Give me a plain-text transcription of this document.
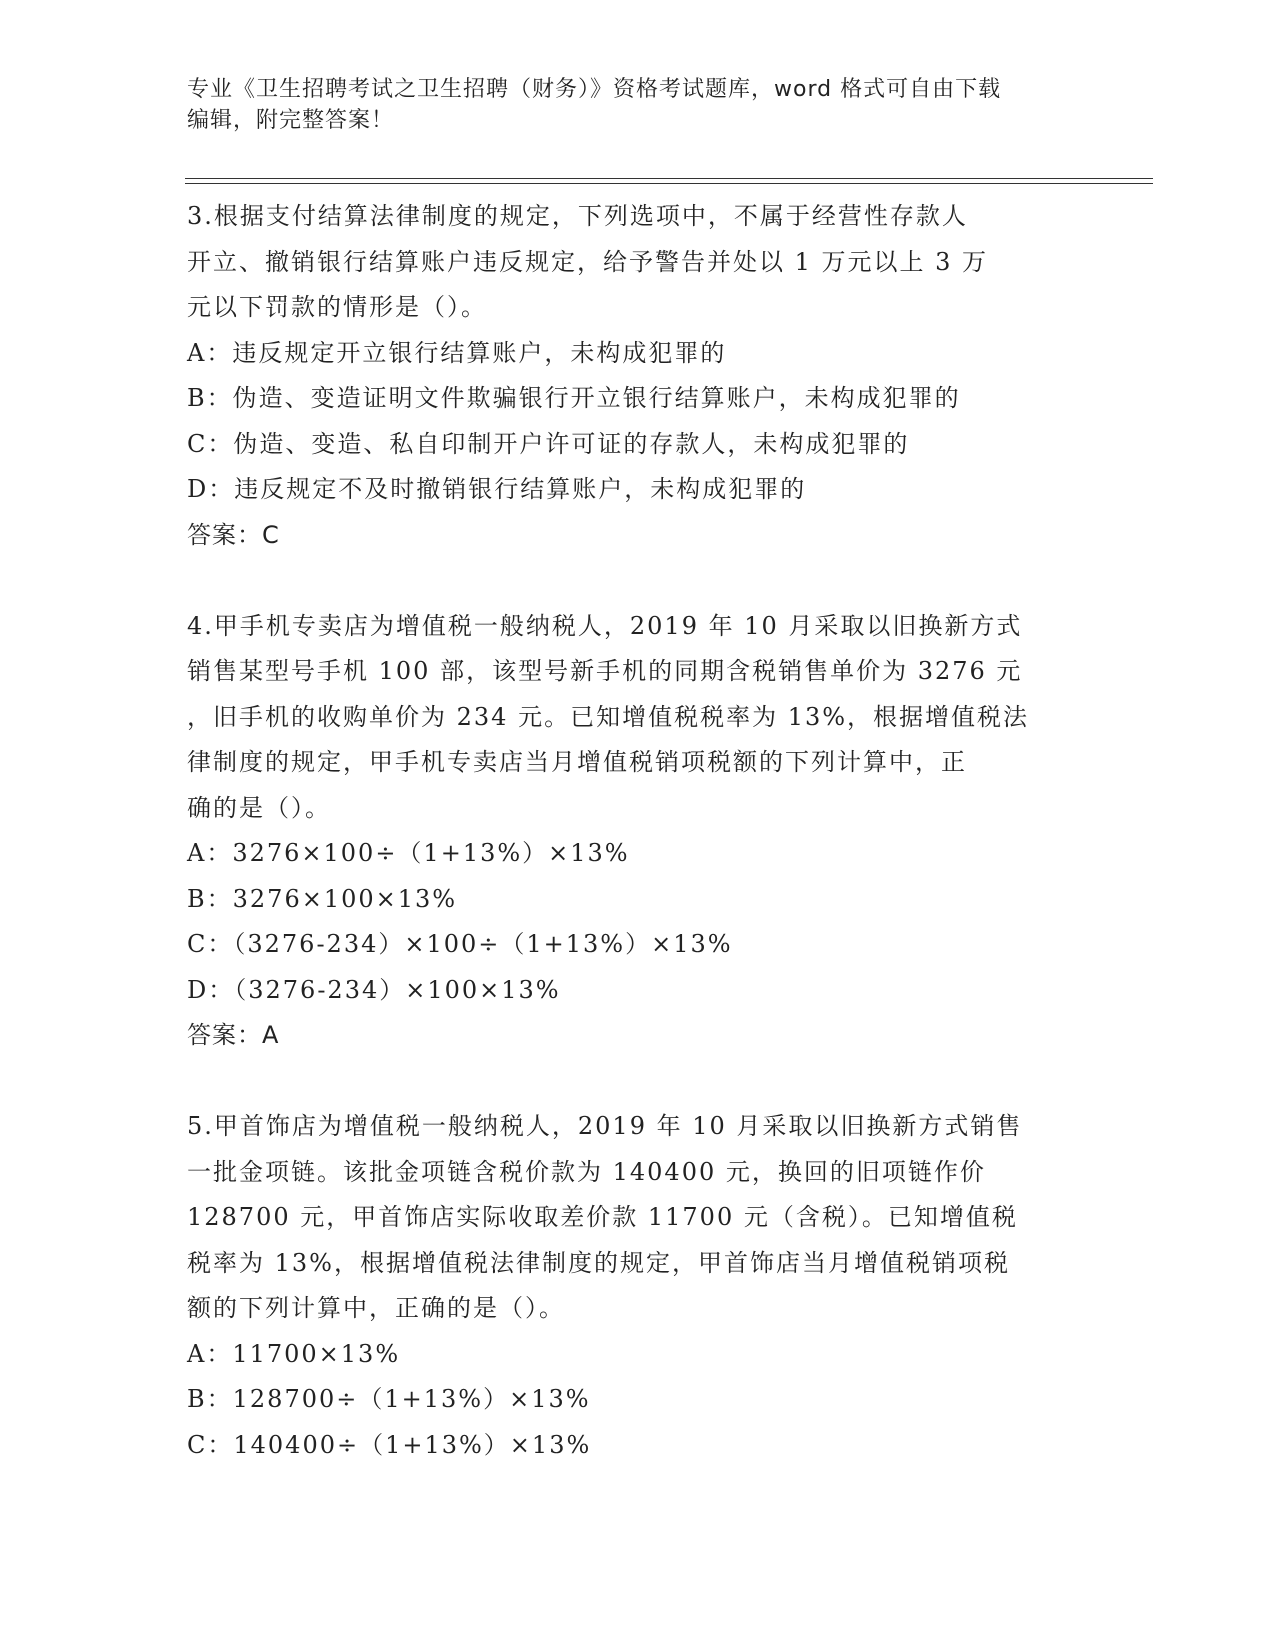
专业《卫生招聘考试之卫生招聘（财务）》资格考试题库，word 格式可自由下载
编辑，附完整答案！

3.根据支付结算法律制度的规定，下列选项中，不属于经营性存款人

开立、撤销银行结算账户违反规定，给予警告并处以 1 万元以上 3 万

元以下罚款的情形是（）。

A：违反规定开立银行结算账户，未构成犯罪的

B：伪造、变造证明文件欺骗银行开立银行结算账户，未构成犯罪的

C：伪造、变造、私自印制开户许可证的存款人，未构成犯罪的

D：违反规定不及时撤销银行结算账户，未构成犯罪的

答案：C

4.甲手机专卖店为增值税一般纳税人，2019 年 10 月采取以旧换新方式

销售某型号手机 100 部，该型号新手机的同期含税销售单价为 3276 元

，旧手机的收购单价为 234 元。已知增值税税率为 13%，根据增值税法

律制度的规定，甲手机专卖店当月增值税销项税额的下列计算中，正

确的是（）。

A：3276×100÷（1+13%）×13%

B：3276×100×13%

C：（3276-234）×100÷（1+13%）×13%

D：（3276-234）×100×13%

答案：A

5.甲首饰店为增值税一般纳税人，2019 年 10 月采取以旧换新方式销售

一批金项链。该批金项链含税价款为 140400 元，换回的旧项链作价

128700 元，甲首饰店实际收取差价款 11700 元（含税）。已知增值税

税率为 13%，根据增值税法律制度的规定，甲首饰店当月增值税销项税

额的下列计算中，正确的是（）。

A：11700×13%

B：128700÷（1+13%）×13%

C：140400÷（1+13%）×13%
